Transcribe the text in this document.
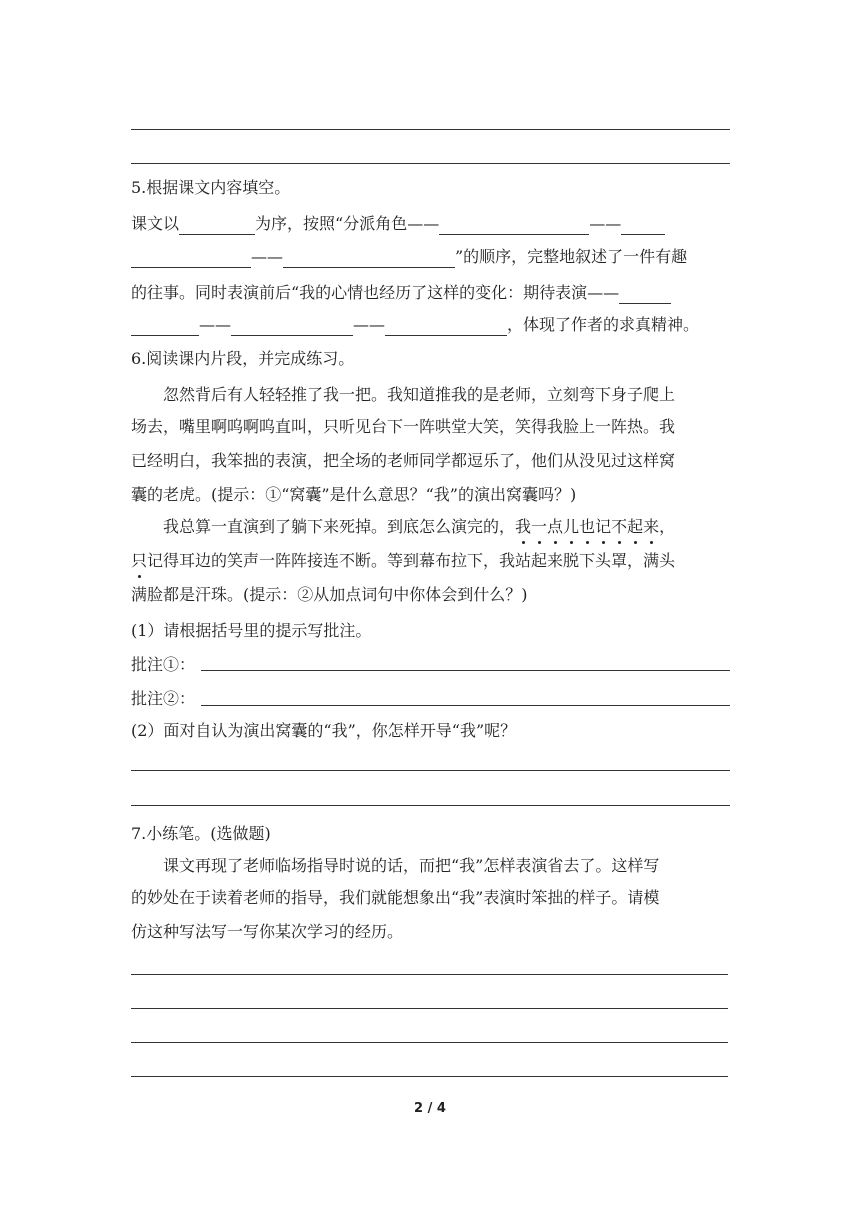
5.根据课文内容填空。
课文以	为序，按照“分派角色——	——
——	”的顺序，完整地叙述了一件有趣
的往事。同时表演前后“我的心情也经历了这样的变化：期待表演——
——	——	，体现了作者的求真精神。
6.阅读课内片段，并完成练习。
忽然背后有人轻轻推了我一把。我知道推我的是老师，立刻弯下身子爬上
场去，嘴里啊呜啊呜直叫，只听见台下一阵哄堂大笑，笑得我脸上一阵热。我
已经明白，我笨拙的表演，把全场的老师同学都逗乐了，他们从没见过这样窝
囊的老虎。(提示：①“窝囊”是什么意思？“我”的演出窝囊吗？)
我总算一直演到了躺下来死掉。到底怎么演完的，我一点儿也记不起来，
只记得耳边的笑声一阵阵接连不断。等到幕布拉下，我站起来脱下头罩，满头
满脸都是汗珠。(提示：②从加点词句中你体会到什么？)
(1）请根据括号里的提示写批注。
批注①：
批注②：
(2）面对自认为演出窝囊的“我”，你怎样开导“我”呢？
7.小练笔。(选做题)
课文再现了老师临场指导时说的话，而把“我”怎样表演省去了。这样写
的妙处在于读着老师的指导，我们就能想象出“我”表演时笨拙的样子。请模
仿这种写法写一写你某次学习的经历。
2 / 4
